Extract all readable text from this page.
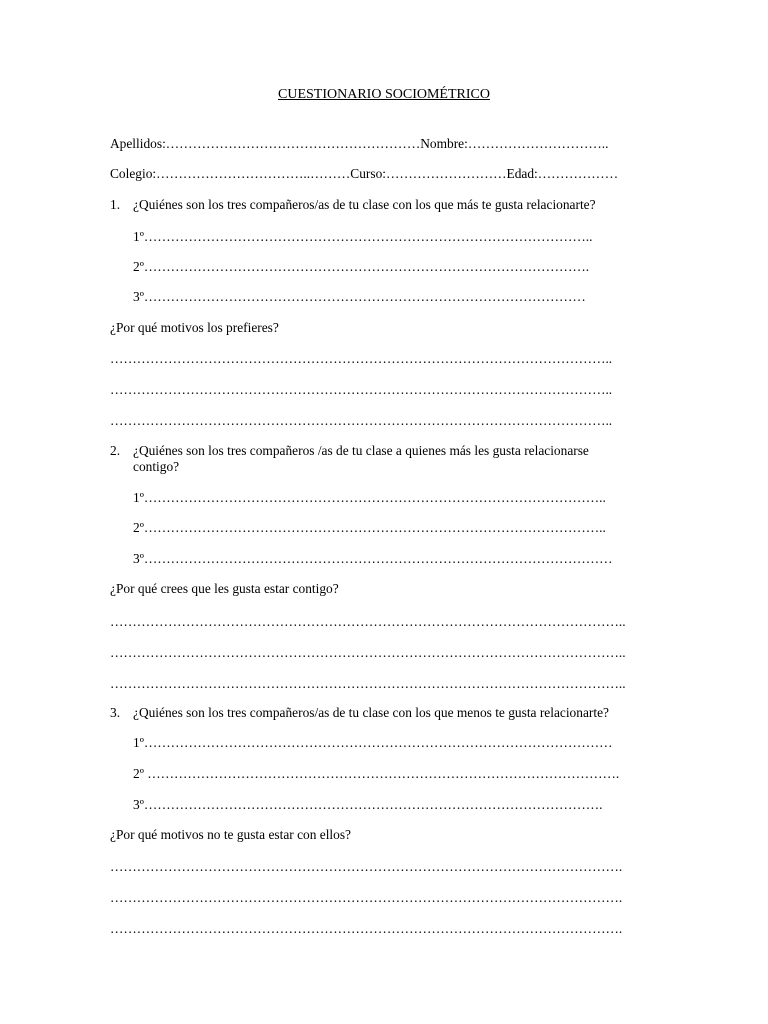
CUESTIONARIO SOCIOMÉTRICO
Apellidos:…………………………………………………Nombre:…………………………..
Colegio:……………………………..………Curso:………………………Edad:………………
1. ¿Quiénes son los tres compañeros/as de tu clase con los que más te gusta relacionarte?
1º………………………………………………………………………………………..
2º……………………………………………………………………………………….
3º………………………………………………………………………………………
¿Por qué motivos los prefieres?
…………………………………………………………………………………………………..
…………………………………………………………………………………………………..
…………………………………………………………………………………………………..
2. ¿Quiénes son los tres compañeros /as de tu clase a quienes más les gusta relacionarse contigo?
1º…………………………………………………………………………………………..
2º…………………………………………………………………………………………..
3º……………………………………………………………………………………………
¿Por qué crees que les gusta estar contigo?
……………………………………………………………………………………………………..
……………………………………………………………………………………………………..
……………………………………………………………………………………………………..
3. ¿Quiénes son los tres compañeros/as de tu clase con los que menos te gusta relacionarte?
1º……………………………………………………………………………………………
2º …………………………………………………………………………………………….
3º………………………………………………………………………………………….
¿Por qué motivos no te gusta estar con ellos?
…………………………………………………………………………………………………….
…………………………………………………………………………………………………….
…………………………………………………………………………………………………….
